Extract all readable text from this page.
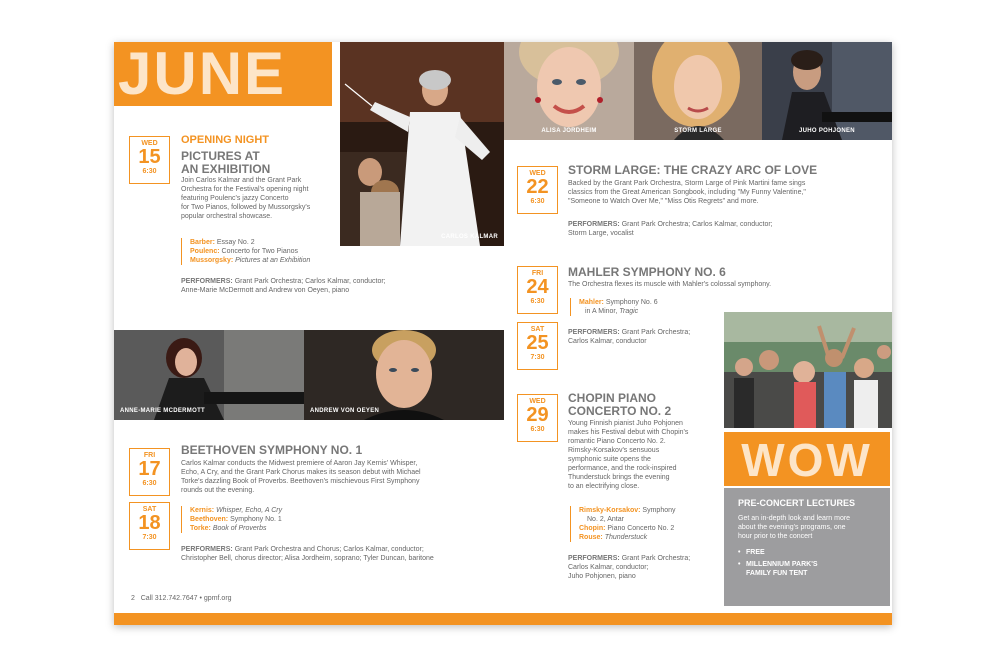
JUNE
CARLOS KALMAR
ALISA JORDHEIM	STORM LARGE	JUHO POHJONEN
WED
15
6:30
OPENING NIGHT
PICTURES AT
AN EXHIBITION
Join Carlos Kalmar and the Grant Park
Orchestra for the Festival's opening night
featuring Poulenc's jazzy Concerto
for Two Pianos, followed by Mussorgsky's
popular orchestral showcase.
Barber: Essay No. 2
Poulenc: Concerto for Two Pianos
Mussorgsky: Pictures at an Exhibition
PERFORMERS: Grant Park Orchestra; Carlos Kalmar, conductor;
Anne-Marie McDermott and Andrew von Oeyen, piano
ANNE-MARIE MCDERMOTT	ANDREW VON OEYEN
FRI
17
6:30
SAT
18
7:30
BEETHOVEN SYMPHONY NO. 1
Carlos Kalmar conducts the Midwest premiere of Aaron Jay Kernis' Whisper,
Echo, A Cry, and the Grant Park Chorus makes its season debut with Michael
Torke's dazzling Book of Proverbs. Beethoven's mischievous First Symphony
rounds out the evening.
Kernis: Whisper, Echo, A Cry
Beethoven: Symphony No. 1
Torke: Book of Proverbs
PERFORMERS: Grant Park Orchestra and Chorus; Carlos Kalmar, conductor;
Christopher Bell, chorus director; Alisa Jordheim, soprano; Tyler Duncan, baritone
2 Call 312.742.7647 • gpmf.org
WED
22
6:30
STORM LARGE: THE CRAZY ARC OF LOVE
Backed by the Grant Park Orchestra, Storm Large of Pink Martini fame sings
classics from the Great American Songbook, including "My Funny Valentine,"
"Someone to Watch Over Me," "Miss Otis Regrets" and more.
PERFORMERS: Grant Park Orchestra; Carlos Kalmar, conductor;
Storm Large, vocalist
FRI
24
6:30
SAT
25
7:30
MAHLER SYMPHONY NO. 6
The Orchestra flexes its muscle with Mahler's colossal symphony.
Mahler: Symphony No. 6
in A Minor, Tragic
PERFORMERS: Grant Park Orchestra;
Carlos Kalmar, conductor
WED
29
6:30
CHOPIN PIANO
CONCERTO NO. 2
Young Finnish pianist Juho Pohjonen
makes his Festival debut with Chopin's
romantic Piano Concerto No. 2.
Rimsky-Korsakov's sensuous
symphonic suite opens the
performance, and the rock-inspired
Thunderstuck brings the evening
to an electrifying close.
Rimsky-Korsakov: Symphony
No. 2, Antar
Chopin: Piano Concerto No. 2
Rouse: Thunderstuck
PERFORMERS: Grant Park Orchestra;
Carlos Kalmar, conductor;
Juho Pohjonen, piano
WOW
PRE-CONCERT LECTURES
Get an in-depth look and learn more
about the evening's programs, one
hour prior to the concert
• FREE
• MILLENNIUM PARK'S
FAMILY FUN TENT
